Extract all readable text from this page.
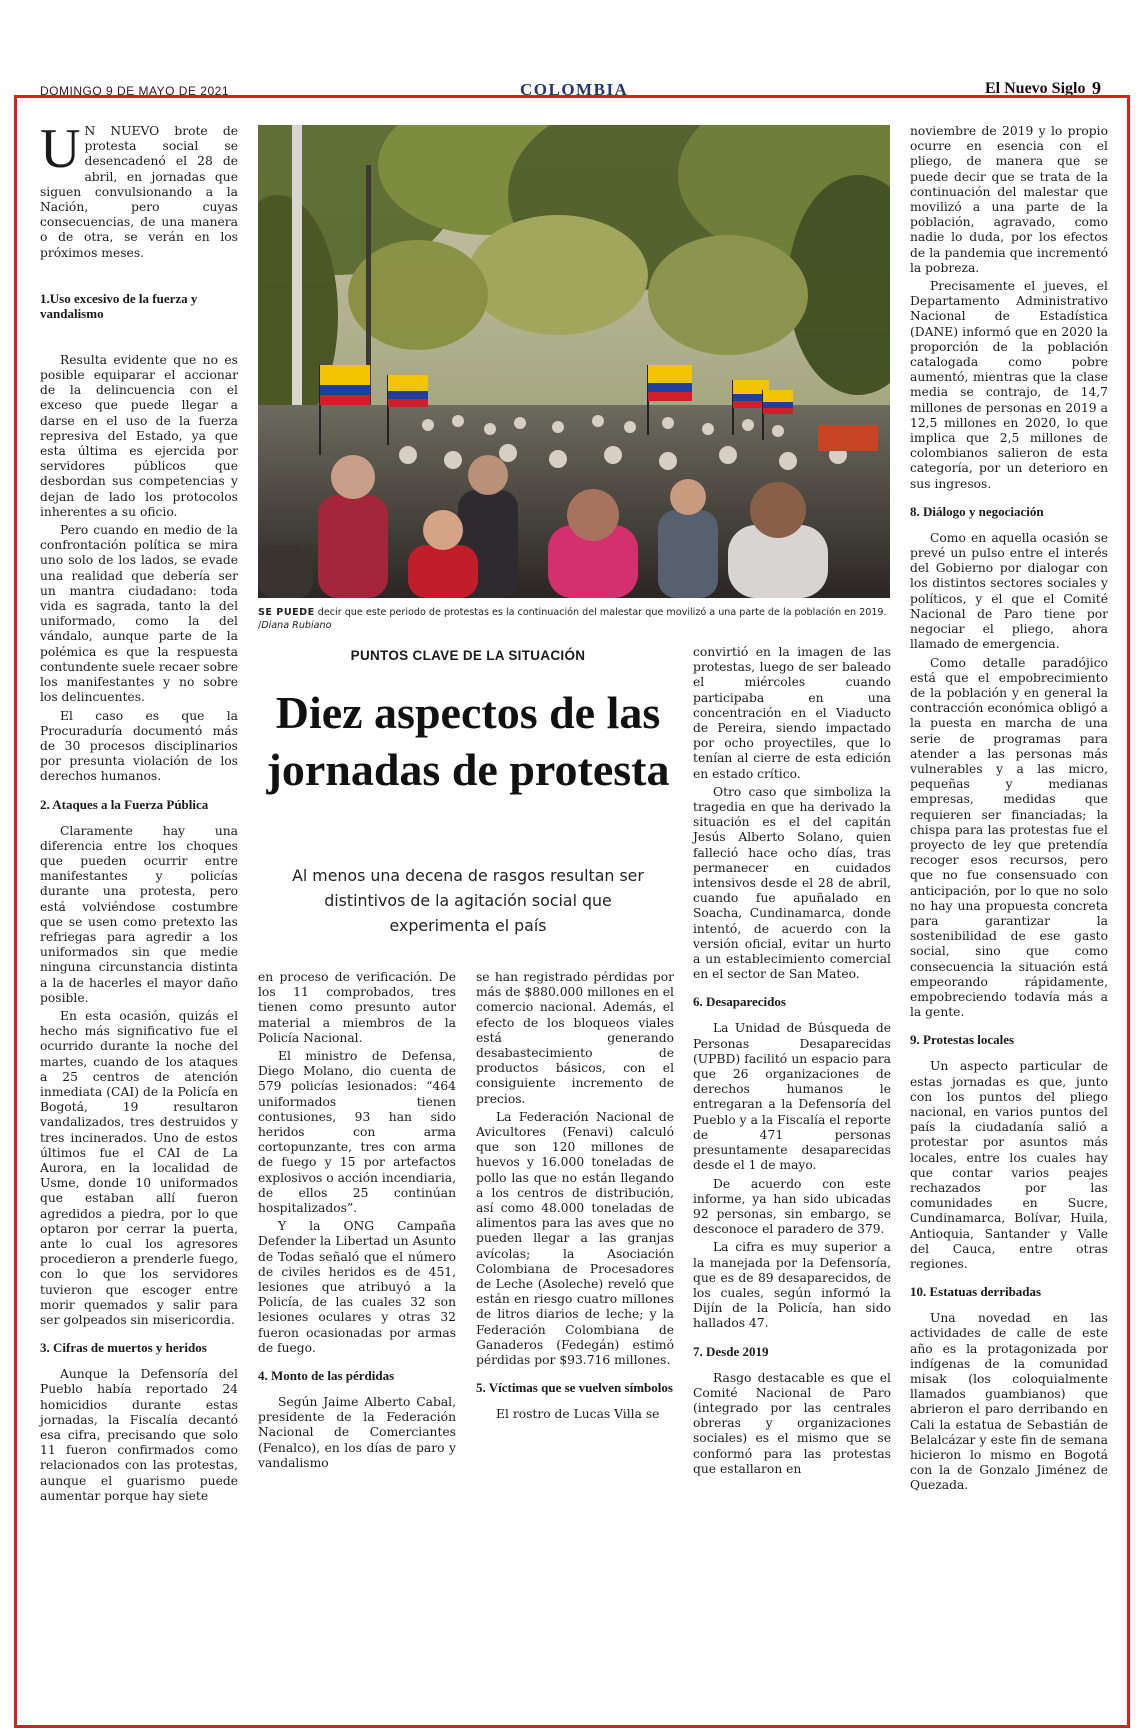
DOMINGO 9 DE MAYO DE 2021	COLOMBIA	El Nuevo Siglo 9

U N NUEVO brote de protesta social se desencadenó el 28 de abril, en jornadas que siguen convulsionando a la Nación, pero cuyas consecuencias, de una manera o de otra, se verán en los próximos meses.

1.Uso excesivo de la fuerza y vandalismo

Resulta evidente que no es posible equiparar el accionar de la delincuencia con el exceso que puede llegar a darse en el uso de la fuerza represiva del Estado, ya que esta última es ejercida por servidores públicos que desbordan sus competencias y dejan de lado los protocolos inherentes a su oficio.

Pero cuando en medio de la confrontación política se mira uno solo de los lados, se evade una realidad que debería ser un mantra ciudadano: toda vida es sagrada, tanto la del uniformado, como la del vándalo, aunque parte de la polémica es que la respuesta contundente suele recaer sobre los manifestantes y no sobre los delincuentes.

El caso es que la Procuraduría documentó más de 30 procesos disciplinarios por presunta violación de los derechos humanos.

2. Ataques a la Fuerza Pública

Claramente hay una diferencia entre los choques que pueden ocurrir entre manifestantes y policías durante una protesta, pero está volviéndose costumbre que se usen como pretexto las refriegas para agredir a los uniformados sin que medie ninguna circunstancia distinta a la de hacerles el mayor daño posible.

En esta ocasión, quizás el hecho más significativo fue el ocurrido durante la noche del martes, cuando de los ataques a 25 centros de atención inmediata (CAI) de la Policía en Bogotá, 19 resultaron vandalizados, tres destruidos y tres incinerados. Uno de estos últimos fue el CAI de La Aurora, en la localidad de Usme, donde 10 uniformados que estaban allí fueron agredidos a piedra, por lo que optaron por cerrar la puerta, ante lo cual los agresores procedieron a prenderle fuego, con lo que los servidores tuvieron que escoger entre morir quemados y salir para ser golpeados sin misericordia.

3. Cifras de muertos y heridos

Aunque la Defensoría del Pueblo había reportado 24 homicidios durante estas jornadas, la Fiscalía decantó esa cifra, precisando que solo 11 fueron confirmados como relacionados con las protestas, aunque el guarismo puede aumentar porque hay siete

SE PUEDE decir que este periodo de protestas es la continuación del malestar que movilizó a una parte de la población en 2019. /Diana Rubiano
PUNTOS CLAVE DE LA SITUACIÓN
Diez aspectos de las jornadas de protesta
Al menos una decena de rasgos resultan ser distintivos de la agitación social que experimenta el país

en proceso de verificación. De los 11 comprobados, tres tienen como presunto autor material a miembros de la Policía Nacional.

El ministro de Defensa, Diego Molano, dio cuenta de 579 policías lesionados: “464 uniformados tienen contusiones, 93 han sido heridos con arma cortopunzante, tres con arma de fuego y 15 por artefactos explosivos o acción incendiaria, de ellos 25 continúan hospitalizados”.

Y la ONG Campaña Defender la Libertad un Asunto de Todas señaló que el número de civiles heridos es de 451, lesiones que atribuyó a la Policía, de las cuales 32 son lesiones oculares y otras 32 fueron ocasionadas por armas de fuego.

4. Monto de las pérdidas

Según Jaime Alberto Cabal, presidente de la Federación Nacional de Comerciantes (Fenalco), en los días de paro y vandalismo

se han registrado pérdidas por más de $880.000 millones en el comercio nacional. Además, el efecto de los bloqueos viales está generando desabastecimiento de productos básicos, con el consiguiente incremento de precios.

La Federación Nacional de Avicultores (Fenavi) calculó que son 120 millones de huevos y 16.000 toneladas de pollo las que no están llegando a los centros de distribución, así como 48.000 toneladas de alimentos para las aves que no pueden llegar a las granjas avícolas; la Asociación Colombiana de Procesadores de Leche (Asoleche) reveló que están en riesgo cuatro millones de litros diarios de leche; y la Federación Colombiana de Ganaderos (Fedegán) estimó pérdidas por $93.716 millones.

5. Víctimas que se vuelven símbolos

El rostro de Lucas Villa se

convirtió en la imagen de las protestas, luego de ser baleado el miércoles cuando participaba en una concentración en el Viaducto de Pereira, siendo impactado por ocho proyectiles, que lo tenían al cierre de esta edición en estado crítico.

Otro caso que simboliza la tragedia en que ha derivado la situación es el del capitán Jesús Alberto Solano, quien falleció hace ocho días, tras permanecer en cuidados intensivos desde el 28 de abril, cuando fue apuñalado en Soacha, Cundinamarca, donde intentó, de acuerdo con la versión oficial, evitar un hurto a un establecimiento comercial en el sector de San Mateo.

6. Desaparecidos

La Unidad de Búsqueda de Personas Desaparecidas (UPBD) facilitó un espacio para que 26 organizaciones de derechos humanos le entregaran a la Defensoría del Pueblo y a la Fiscalía el reporte de 471 personas presuntamente desaparecidas desde el 1 de mayo.

De acuerdo con este informe, ya han sido ubicadas 92 personas, sin embargo, se desconoce el paradero de 379.

La cifra es muy superior a la manejada por la Defensoría, que es de 89 desaparecidos, de los cuales, según informó la Dijín de la Policía, han sido hallados 47.

7. Desde 2019

Rasgo destacable es que el Comité Nacional de Paro (integrado por las centrales obreras y organizaciones sociales) es el mismo que se conformó para las protestas que estallaron en

noviembre de 2019 y lo propio ocurre en esencia con el pliego, de manera que se puede decir que se trata de la continuación del malestar que movilizó a una parte de la población, agravado, como nadie lo duda, por los efectos de la pandemia que incrementó la pobreza.

Precisamente el jueves, el Departamento Administrativo Nacional de Estadística (DANE) informó que en 2020 la proporción de la población catalogada como pobre aumentó, mientras que la clase media se contrajo, de 14,7 millones de personas en 2019 a 12,5 millones en 2020, lo que implica que 2,5 millones de colombianos salieron de esta categoría, por un deterioro en sus ingresos.

8. Diálogo y negociación

Como en aquella ocasión se prevé un pulso entre el interés del Gobierno por dialogar con los distintos sectores sociales y políticos, y el que el Comité Nacional de Paro tiene por negociar el pliego, ahora llamado de emergencia.

Como detalle paradójico está que el empobrecimiento de la población y en general la contracción económica obligó a la puesta en marcha de una serie de programas para atender a las personas más vulnerables y a las micro, pequeñas y medianas empresas, medidas que requieren ser financiadas; la chispa para las protestas fue el proyecto de ley que pretendía recoger esos recursos, pero que no fue consensuado con anticipación, por lo que no solo no hay una propuesta concreta para garantizar la sostenibilidad de ese gasto social, sino que como consecuencia la situación está empeorando rápidamente, empobreciendo todavía más a la gente.

9. Protestas locales

Un aspecto particular de estas jornadas es que, junto con los puntos del pliego nacional, en varios puntos del país la ciudadanía salió a protestar por asuntos más locales, entre los cuales hay que contar varios peajes rechazados por las comunidades en Sucre, Cundinamarca, Bolívar, Huila, Antioquia, Santander y Valle del Cauca, entre otras regiones.

10. Estatuas derribadas

Una novedad en las actividades de calle de este año es la protagonizada por indígenas de la comunidad misak (los coloquialmente llamados guambianos) que abrieron el paro derribando en Cali la estatua de Sebastián de Belalcázar y este fin de semana hicieron lo mismo en Bogotá con la de Gonzalo Jiménez de Quezada.
